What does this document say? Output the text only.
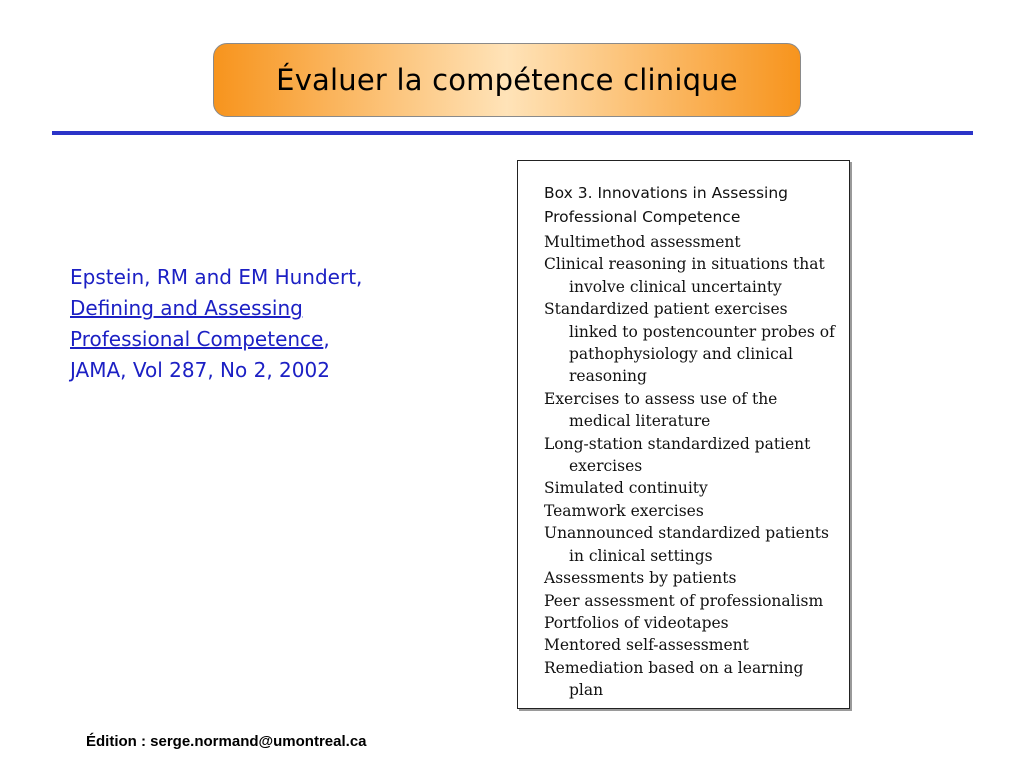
Évaluer la compétence clinique
Epstein, RM and EM Hundert,
Defining and Assessing
Professional Competence,
JAMA, Vol 287, No 2, 2002
Box 3. Innovations in Assessing
Professional Competence
Multimethod assessment
Clinical reasoning in situations that involve clinical uncertainty
Standardized patient exercises linked to postencounter probes of pathophysiology and clinical reasoning
Exercises to assess use of the medical literature
Long-station standardized patient exercises
Simulated continuity
Teamwork exercises
Unannounced standardized patients in clinical settings
Assessments by patients
Peer assessment of professionalism
Portfolios of videotapes
Mentored self-assessment
Remediation based on a learning plan
Édition : serge.normand@umontreal.ca
